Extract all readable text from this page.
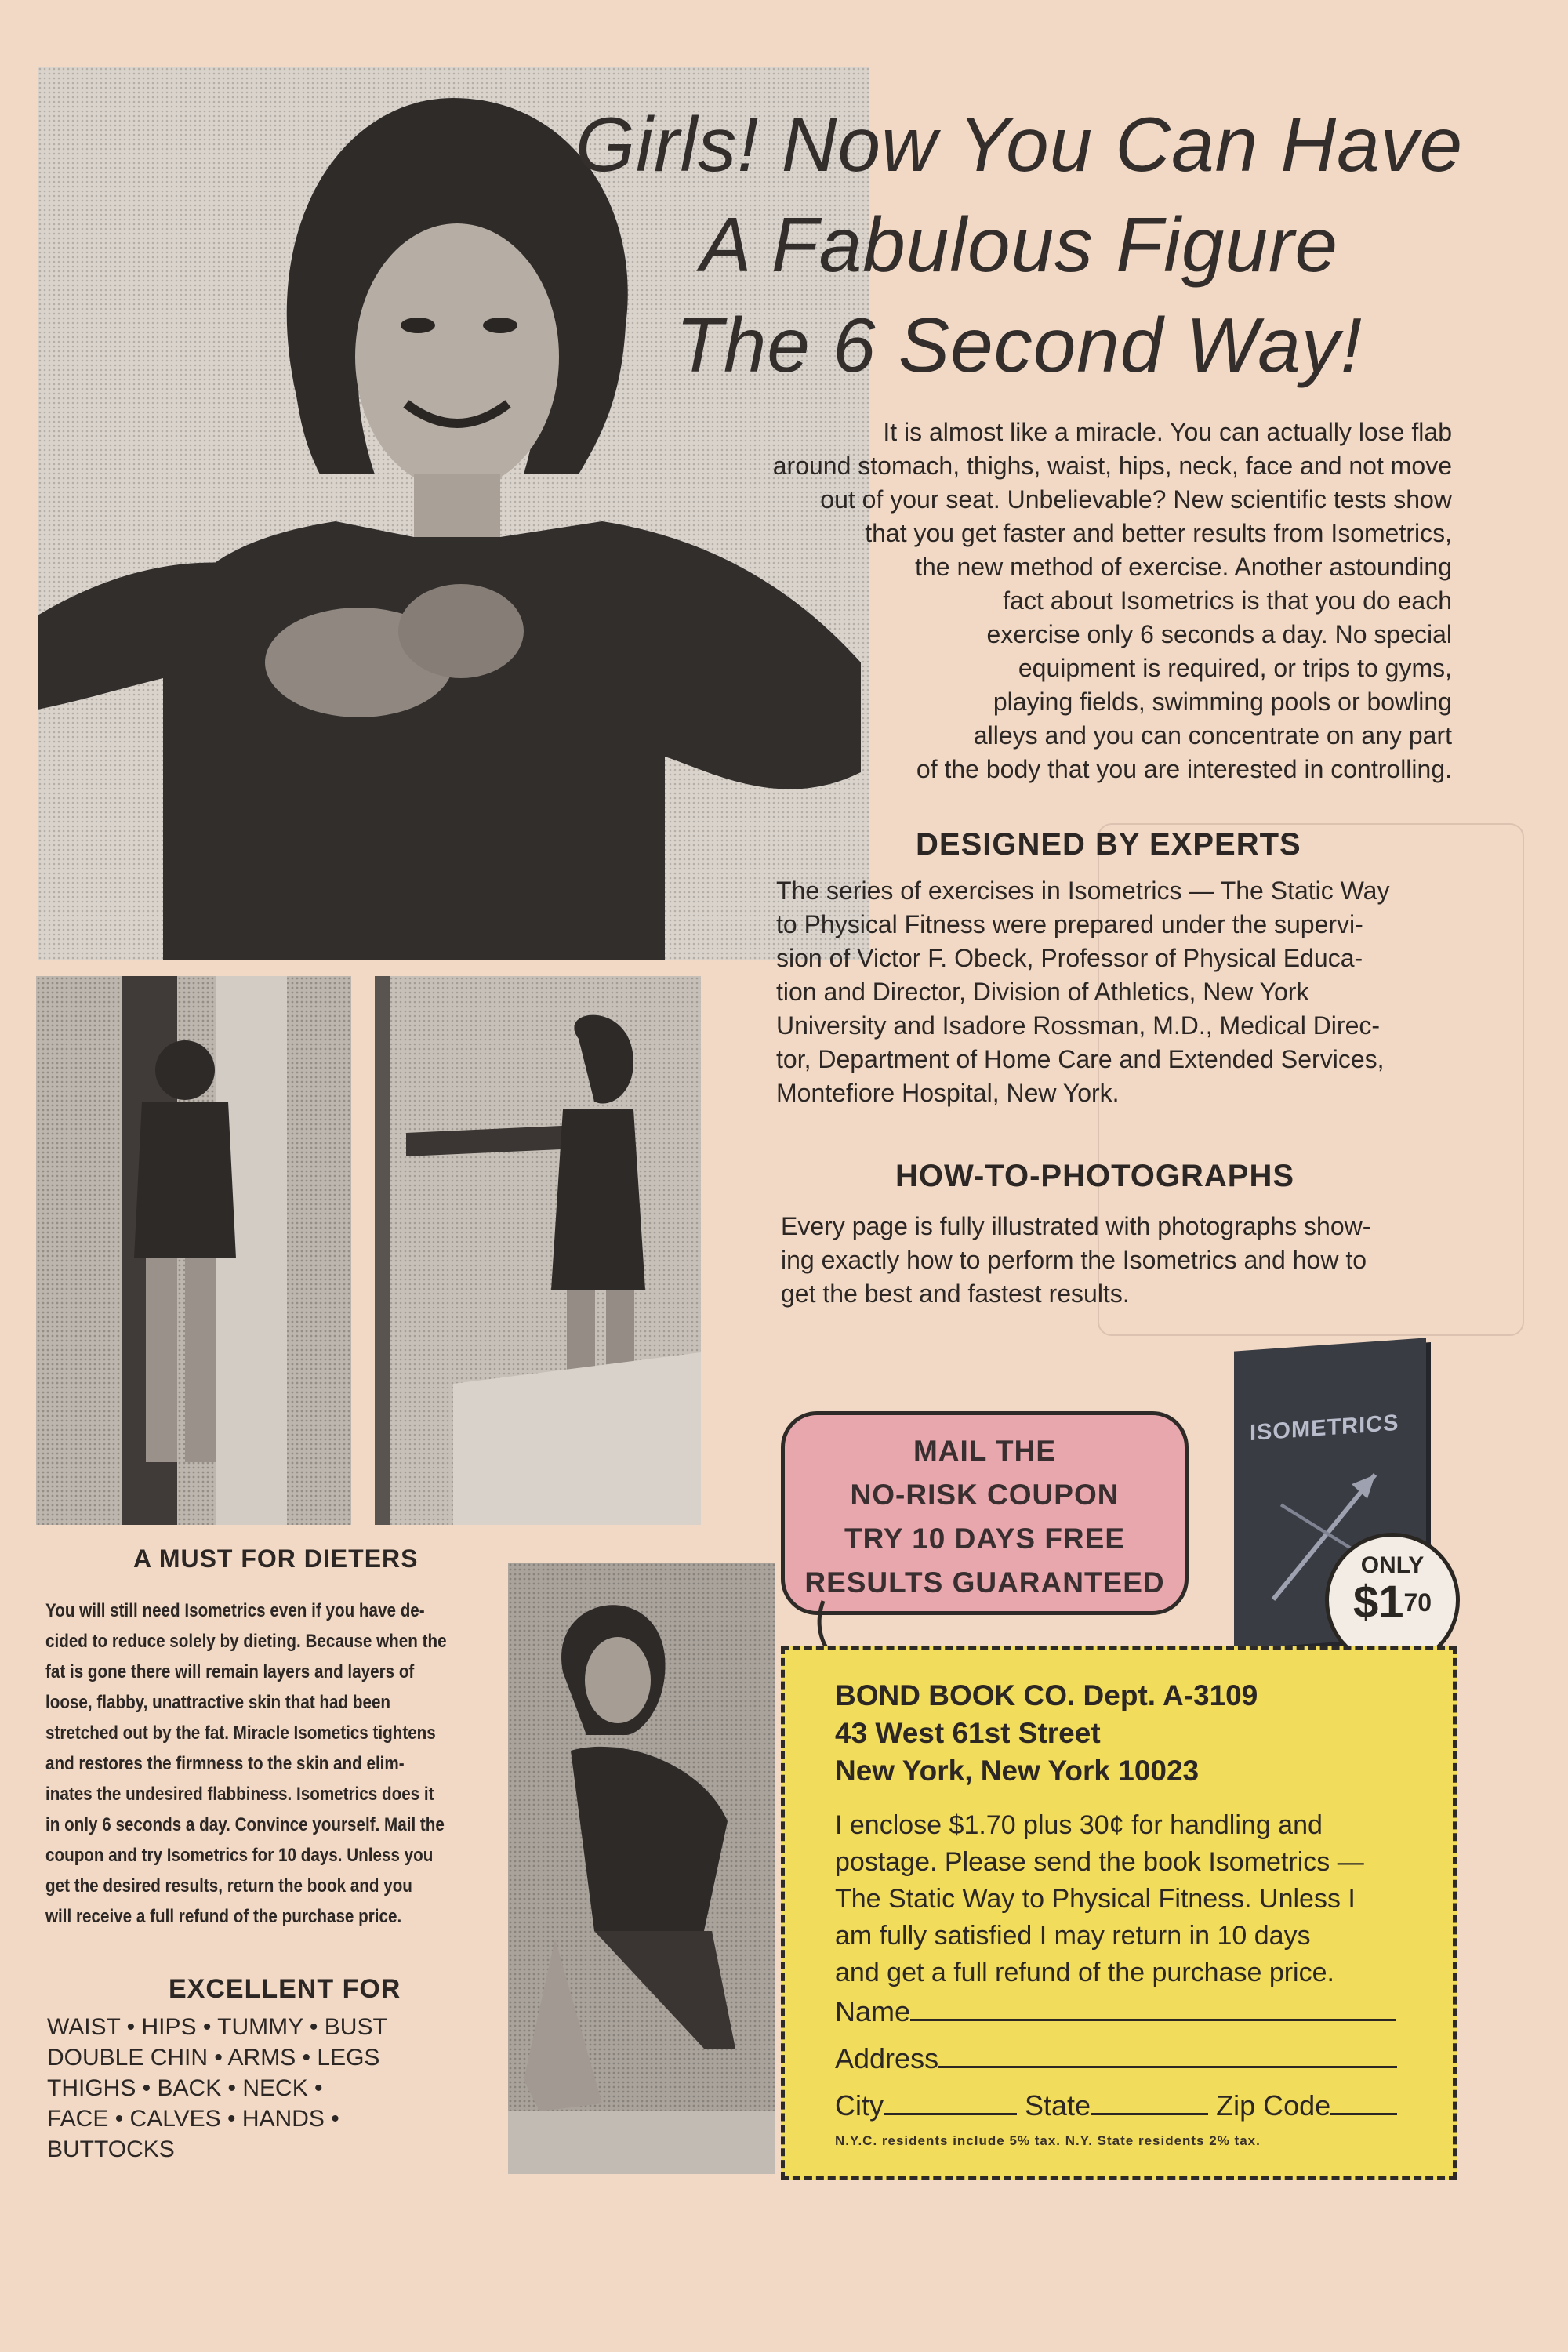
Girls! Now You Can Have
A Fabulous Figure
The 6 Second Way!
It is almost like a miracle. You can actually lose flab
around stomach, thighs, waist, hips, neck, face and not move
out of your seat. Unbelievable? New scientific tests show
that you get faster and better results from Isometrics,
the new method of exercise. Another astounding
fact about Isometrics is that you do each
exercise only 6 seconds a day. No special
equipment is required, or trips to gyms,
playing fields, swimming pools or bowling
alleys and you can concentrate on any part
of the body that you are interested in controlling.
DESIGNED BY EXPERTS
The series of exercises in Isometrics — The Static Way
to Physical Fitness were prepared under the supervi-
sion of Victor F. Obeck, Professor of Physical Educa-
tion and Director, Division of Athletics, New York
University and Isadore Rossman, M.D., Medical Direc-
tor, Department of Home Care and Extended Services,
Montefiore Hospital, New York.
HOW-TO-PHOTOGRAPHS
Every page is fully illustrated with photographs show-
ing exactly how to perform the Isometrics and how to
get the best and fastest results.
MAIL THE
NO-RISK COUPON
TRY 10 DAYS FREE
RESULTS GUARANTEED
ISOMETRICS
ONLY
$\$1^{70}$
BOND BOOK CO. Dept. A-3109
43 West 61st Street
New York, New York 10023
I enclose $1.70 plus 30¢ for handling and
postage. Please send the book Isometrics —
The Static Way to Physical Fitness. Unless I
am fully satisfied I may return in 10 days
and get a full refund of the purchase price.
Name
Address
City	State	Zip Code
N.Y.C. residents include 5% tax. N.Y. State residents 2% tax.
A MUST FOR DIETERS
You will still need Isometrics even if you have de-
cided to reduce solely by dieting. Because when the
fat is gone there will remain layers and layers of
loose, flabby, unattractive skin that had been
stretched out by the fat. Miracle Isometics tightens
and restores the firmness to the skin and elim-
inates the undesired flabbiness. Isometrics does it
in only 6 seconds a day. Convince yourself. Mail the
coupon and try Isometrics for 10 days. Unless you
get the desired results, return the book and you
will receive a full refund of the purchase price.
EXCELLENT FOR
WAIST • HIPS • TUMMY • BUST
DOUBLE CHIN • ARMS • LEGS
THIGHS • BACK • NECK •
FACE • CALVES • HANDS •
BUTTOCKS
